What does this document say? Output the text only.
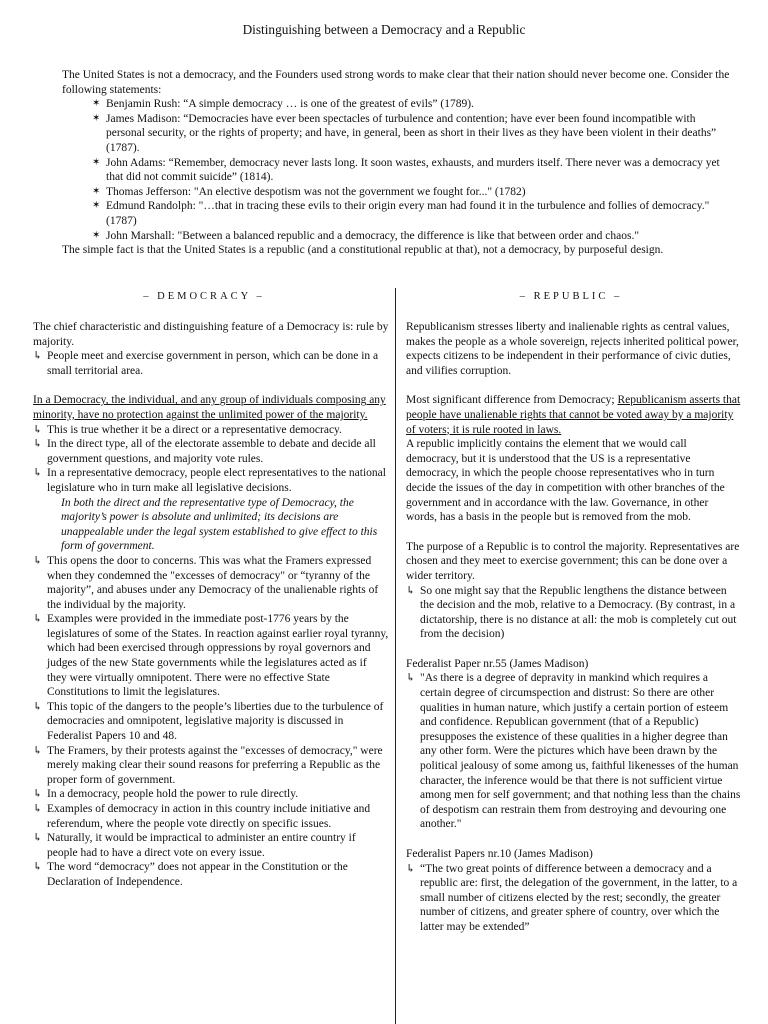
Distinguishing between a Democracy and a Republic

The United States is not a democracy, and the Founders used strong words to make clear that their nation should never become one. Consider the following statements:

✶ Benjamin Rush: “A simple democracy … is one of the greatest of evils” (1789).
✶ James Madison: “Democracies have ever been spectacles of turbulence and contention; have ever been found incompatible with personal security, or the rights of property; and have, in general, been as short in their lives as they have been violent in their deaths” (1787).
✶ John Adams: “Remember, democracy never lasts long. It soon wastes, exhausts, and murders itself. There never was a democracy yet that did not commit suicide” (1814).
✶ Thomas Jefferson: "An elective despotism was not the government we fought for..." (1782)
✶ Edmund Randolph: "…that in tracing these evils to their origin every man had found it in the turbulence and follies of democracy." (1787)
✶ John Marshall: "Between a balanced republic and a democracy, the difference is like that between order and chaos."

The simple fact is that the United States is a republic (and a constitutional republic at that), not a democracy, by purposeful design.

– DEMOCRACY –	– REPUBLIC –

The chief characteristic and distinguishing feature of a Democracy is: rule by majority.

↳ People meet and exercise government in person, which can be done in a small territorial area.

In a Democracy, the individual, and any group of individuals composing any minority, have no protection against the unlimited power of the majority.

↳ This is true whether it be a direct or a representative democracy.

↳ In the direct type, all of the electorate assemble to debate and decide all government questions, and majority vote rules.

↳ In a representative democracy, people elect representatives to the national legislature who in turn make all legislative decisions.

In both the direct and the representative type of Democracy, the majority’s power is absolute and unlimited; its decisions are unappealable under the legal system established to give effect to this form of government.

↳ This opens the door to concerns. This was what the Framers expressed when they condemned the "excesses of democracy" or “tyranny of the majority”, and abuses under any Democracy of the unalienable rights of the individual by the majority.

↳ Examples were provided in the immediate post-1776 years by the legislatures of some of the States. In reaction against earlier royal tyranny, which had been exercised through oppressions by royal governors and judges of the new State governments while the legislatures acted as if they were virtually omnipotent. There were no effective State Constitutions to limit the legislatures.

↳ This topic of the dangers to the people’s liberties due to the turbulence of democracies and omnipotent, legislative majority is discussed in Federalist Papers 10 and 48.

↳ The Framers, by their protests against the "excesses of democracy," were merely making clear their sound reasons for preferring a Republic as the proper form of government.

↳ In a democracy, people hold the power to rule directly.

↳ Examples of democracy in action in this country include initiative and referendum, where the people vote directly on specific issues.

↳ Naturally, it would be impractical to administer an entire country if people had to have a direct vote on every issue.

↳ The word “democracy” does not appear in the Constitution or the Declaration of Independence.

Republicanism stresses liberty and inalienable rights as central values, makes the people as a whole sovereign, rejects inherited political power, expects citizens to be independent in their performance of civic duties, and vilifies corruption.

Most significant difference from Democracy; Republicanism asserts that people have unalienable rights that cannot be voted away by a majority of voters; it is rule rooted in laws.

A republic implicitly contains the element that we would call democracy, but it is understood that the US is a representative democracy, in which the people choose representatives who in turn decide the issues of the day in competition with other branches of the government and in accordance with the law. Governance, in other words, has a basis in the people but is removed from the mob.

The purpose of a Republic is to control the majority. Representatives are chosen and they meet to exercise government; this can be done over a wider territory.

↳ So one might say that the Republic lengthens the distance between the decision and the mob, relative to a Democracy. (By contrast, in a dictatorship, there is no distance at all: the mob is completely cut out from the decision)

Federalist Paper nr.55 (James Madison)

↳ "As there is a degree of depravity in mankind which requires a certain degree of circumspection and distrust: So there are other qualities in human nature, which justify a certain portion of esteem and confidence. Republican government (that of a Republic) presupposes the existence of these qualities in a higher degree than any other form. Were the pictures which have been drawn by the political jealousy of some among us, faithful likenesses of the human character, the inference would be that there is not sufficient virtue among men for self government; and that nothing less than the chains of despotism can restrain them from destroying and devouring one another."

Federalist Papers nr.10 (James Madison)

↳ “The two great points of difference between a democracy and a republic are: first, the delegation of the government, in the latter, to a small number of citizens elected by the rest; secondly, the greater number of citizens, and greater sphere of country, over which the latter may be extended”
